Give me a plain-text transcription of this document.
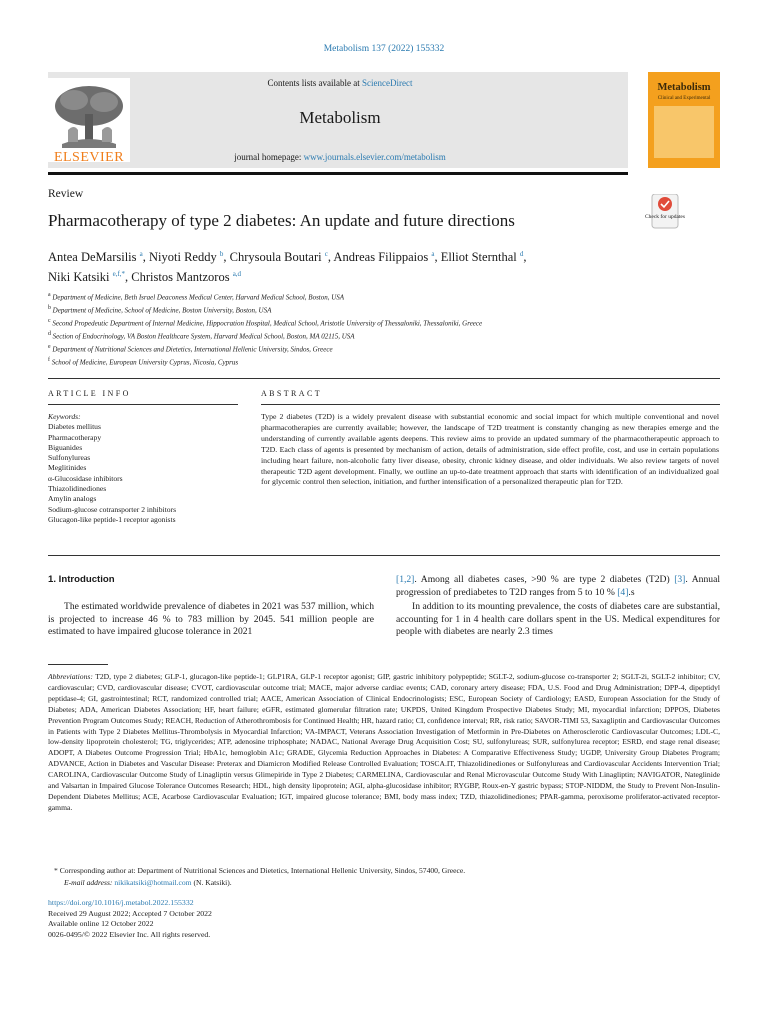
Metabolism 137 (2022) 155332
ELSEVIER
Contents lists available at ScienceDirect
Metabolism
journal homepage: www.journals.elsevier.com/metabolism
Metabolism
Clinical and Experimental
Review
Pharmacotherapy of type 2 diabetes: An update and future directions	Check for updates
Antea DeMarsilis $^a$, Niyoti Reddy $^b$, Chrysoula Boutari $^c$, Andreas Filippaios $^a$, Elliot Sternthal $^d$,
Niki Katsiki $^{e,f,*}$, Christos Mantzoros $^{a,d}$
$^a$ Department of Medicine, Beth Israel Deaconess Medical Center, Harvard Medical School, Boston, USA
$^b$ Department of Medicine, School of Medicine, Boston University, Boston, USA
$^c$ Second Propedeutic Department of Internal Medicine, Hippocration Hospital, Medical School, Aristotle University of Thessaloniki, Thessaloniki, Greece
$^d$ Section of Endocrinology, VA Boston Healthcare System, Harvard Medical School, Boston, MA 02115, USA
$^e$ Department of Nutritional Sciences and Dietetics, International Hellenic University, Sindos, Greece
$^f$ School of Medicine, European University Cyprus, Nicosia, Cyprus
ARTICLE INFO	ABSTRACT
Keywords:
Diabetes mellitus
Pharmacotherapy
Biguanides
Sulfonylureas
Meglitinides
α-Glucosidase inhibitors
Thiazolidinediones
Amylin analogs
Sodium-glucose cotransporter 2 inhibitors
Glucagon-like peptide-1 receptor agonists
Type 2 diabetes (T2D) is a widely prevalent disease with substantial economic and social impact for which multiple conventional and novel pharmacotherapies are currently available; however, the landscape of T2D treatment is constantly changing as new therapies emerge and the understanding of currently available agents deepens. This review aims to provide an updated summary of the pharmacotherapeutic approach to T2D. Each class of agents is presented by mechanism of action, details of administration, side effect profile, cost, and use in certain populations including heart failure, non-alcoholic fatty liver disease, obesity, chronic kidney disease, and older individuals. We also review targets of novel therapeutic T2D agent development. Finally, we outline an up-to-date treatment approach that starts with identification of an individualized goal for glycemic control then selection, initiation, and further intensification of a personalized therapeutic plan for T2D.
1. Introduction
The estimated worldwide prevalence of diabetes in 2021 was 537 million, which is projected to increase 46 % to 783 million by 2045. 541 million people are estimated to have impaired glucose tolerance in 2021
[1,2]. Among all diabetes cases, >90 % are type 2 diabetes (T2D) [3]. Annual progression of prediabetes to T2D ranges from 5 to 10 % [4].s
In addition to its mounting prevalence, the costs of diabetes care are substantial, accounting for 1 in 4 health care dollars spent in the US. Medical expenditures for people with diabetes are nearly 2.3 times
Abbreviations: T2D, type 2 diabetes; GLP-1, glucagon-like peptide-1; GLP1RA, GLP-1 receptor agonist; GIP, gastric inhibitory polypeptide; SGLT-2, sodium-glucose co-transporter 2; SGLT-2i, SGLT-2 inhibitor; CV, cardiovascular; CVD, cardiovascular disease; CVOT, cardiovascular outcome trial; MACE, major adverse cardiac events; CAD, coronary artery disease; FDA, U.S. Food and Drug Administration; DPP-4, dipeptidyl peptidase-4; GI, gastrointestinal; RCT, randomized controlled trial; AACE, American Association of Clinical Endocrinologists; ESC, European Society of Cardiology; EASD, European Association for the Study of Diabetes; ADA, American Diabetes Association; HF, heart failure; eGFR, estimated glomerular filtration rate; UKPDS, United Kingdom Prospective Diabetes Study; MI, myocardial infarction; DPPOS, Diabetes Prevention Program Outcomes Study; REACH, Reduction of Atherothrombosis for Continued Health; HR, hazard ratio; CI, confidence interval; RR, risk ratio; SAVOR-TIMI 53, Saxagliptin and Cardiovascular Outcomes in Patients with Type 2 Diabetes Mellitus-Thrombolysis in Myocardial Infarction; VA-IMPACT, Veterans Association Investigation of Metformin in Pre-Diabetes on Atherosclerotic Cardiovascular Outcomes; LDL-C, low-density lipoprotein cholesterol; TG, triglycerides; ATP, adenosine triphosphate; NADAC, National Average Drug Acquisition Cost; SU, sulfonylureas; SUR, sulfonylurea receptor; ESRD, end stage renal disease; ADOPT, A Diabetes Outcome Progression Trial; HbA1c, hemoglobin A1c; GRADE, Glycemia Reduction Approaches in Diabetes: A Comparative Effectiveness Study; UGDP, University Group Diabetes Program; ADVANCE, Action in Diabetes and Vascular Disease: Preterax and Diamicron Modified Release Controlled Evaluation; TOSCA.IT, Thiazolidinediones or Sulfonylureas and Cardiovascular Accidents Intervention Trial; CAROLINA, Cardiovascular Outcome Study of Linagliptin versus Glimepiride in Type 2 Diabetes; CARMELINA, Cardiovascular and Renal Microvascular Outcome Study With Linagliptin; NAVIGATOR, Nateglinide and Valsartan in Impaired Glucose Tolerance Outcomes Research; HDL, high density lipoprotein; AGI, alpha-glucosidase inhibitor; RYGBP, Roux-en-Y gastric bypass; STOP-NIDDM, the Study to Prevent Non-Insulin-Dependent Diabetes Mellitus; ACE, Acarbose Cardiovascular Evaluation; IGT, impaired glucose tolerance; BMI, body mass index; TZD, thiazolidinediones; PPAR-gamma, peroxisome proliferator-activated receptor-gamma.
* Corresponding author at: Department of Nutritional Sciences and Dietetics, International Hellenic University, Sindos, 57400, Greece.
E-mail address: nikikatsiki@hotmail.com (N. Katsiki).
https://doi.org/10.1016/j.metabol.2022.155332
Received 29 August 2022; Accepted 7 October 2022
Available online 12 October 2022
0026-0495/© 2022 Elsevier Inc. All rights reserved.
